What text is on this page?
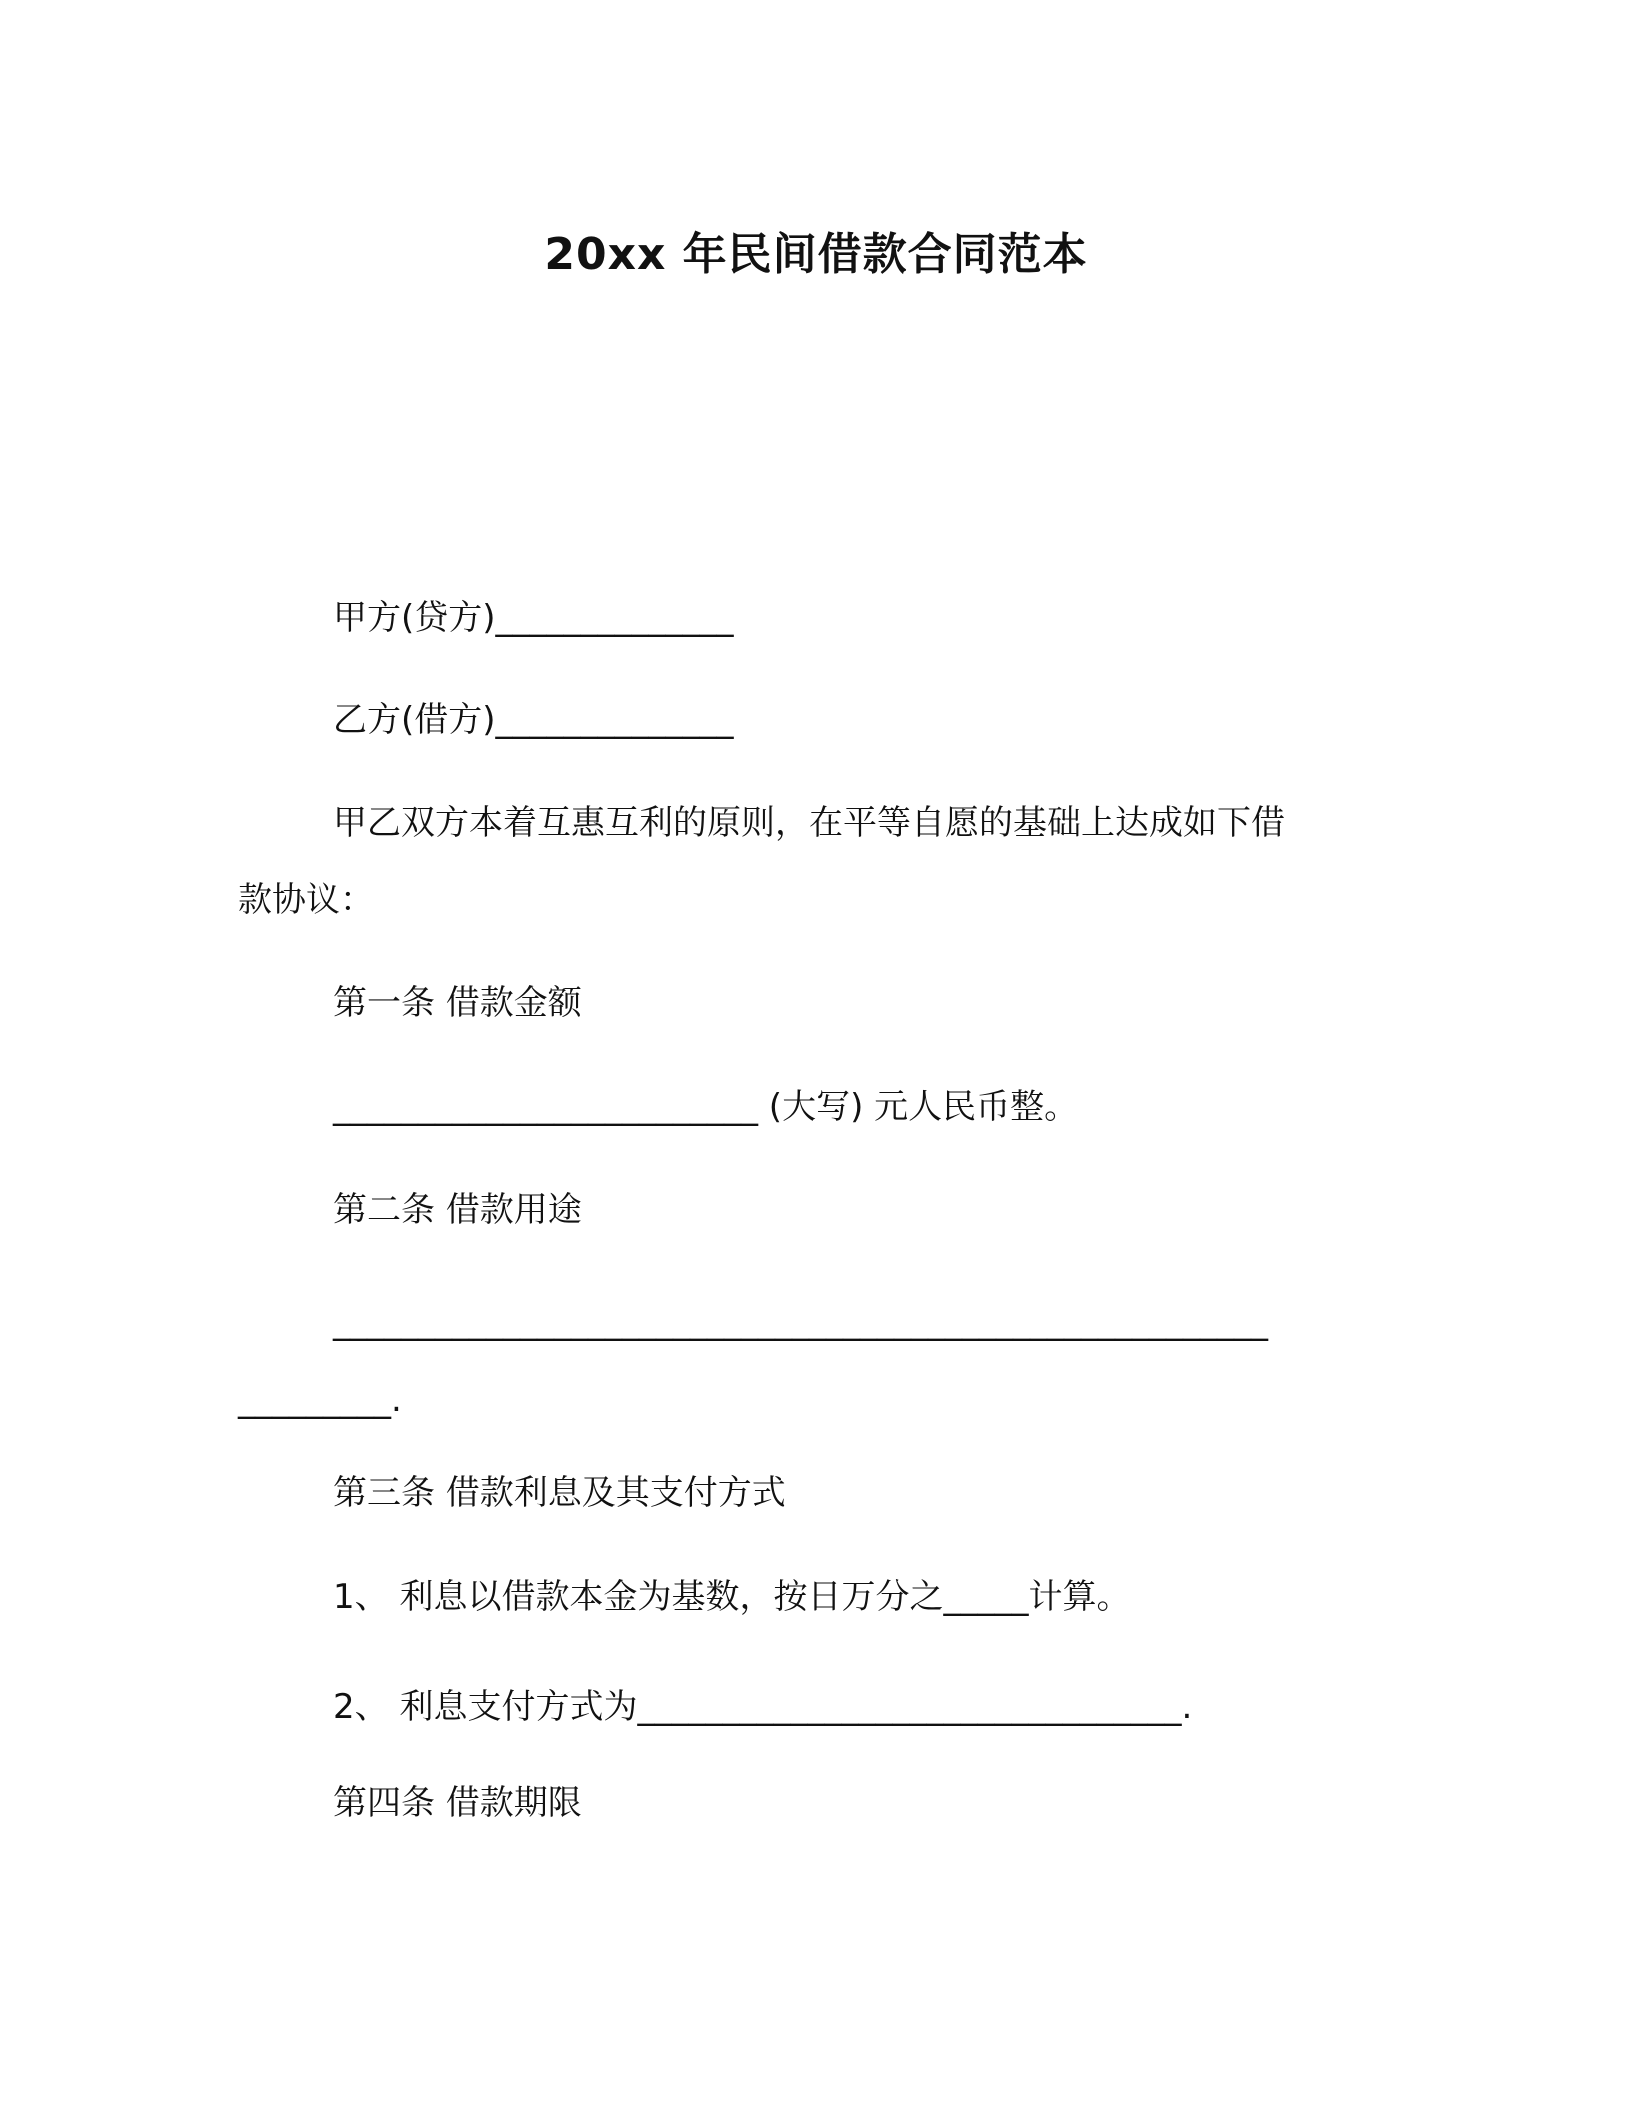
20xx 年民间借款合同范本
甲方(贷方)______________
乙方(借方)______________
甲乙双方本着互惠互利的原则，在平等自愿的基础上达成如下借
款协议：
第一条 借款金额
_________________________ (大写) 元人民币整。
第二条 借款用途
_______________________________________________________
_________.
第三条 借款利息及其支付方式
1、 利息以借款本金为基数，按日万分之_____计算。
2、 利息支付方式为________________________________.
第四条 借款期限
